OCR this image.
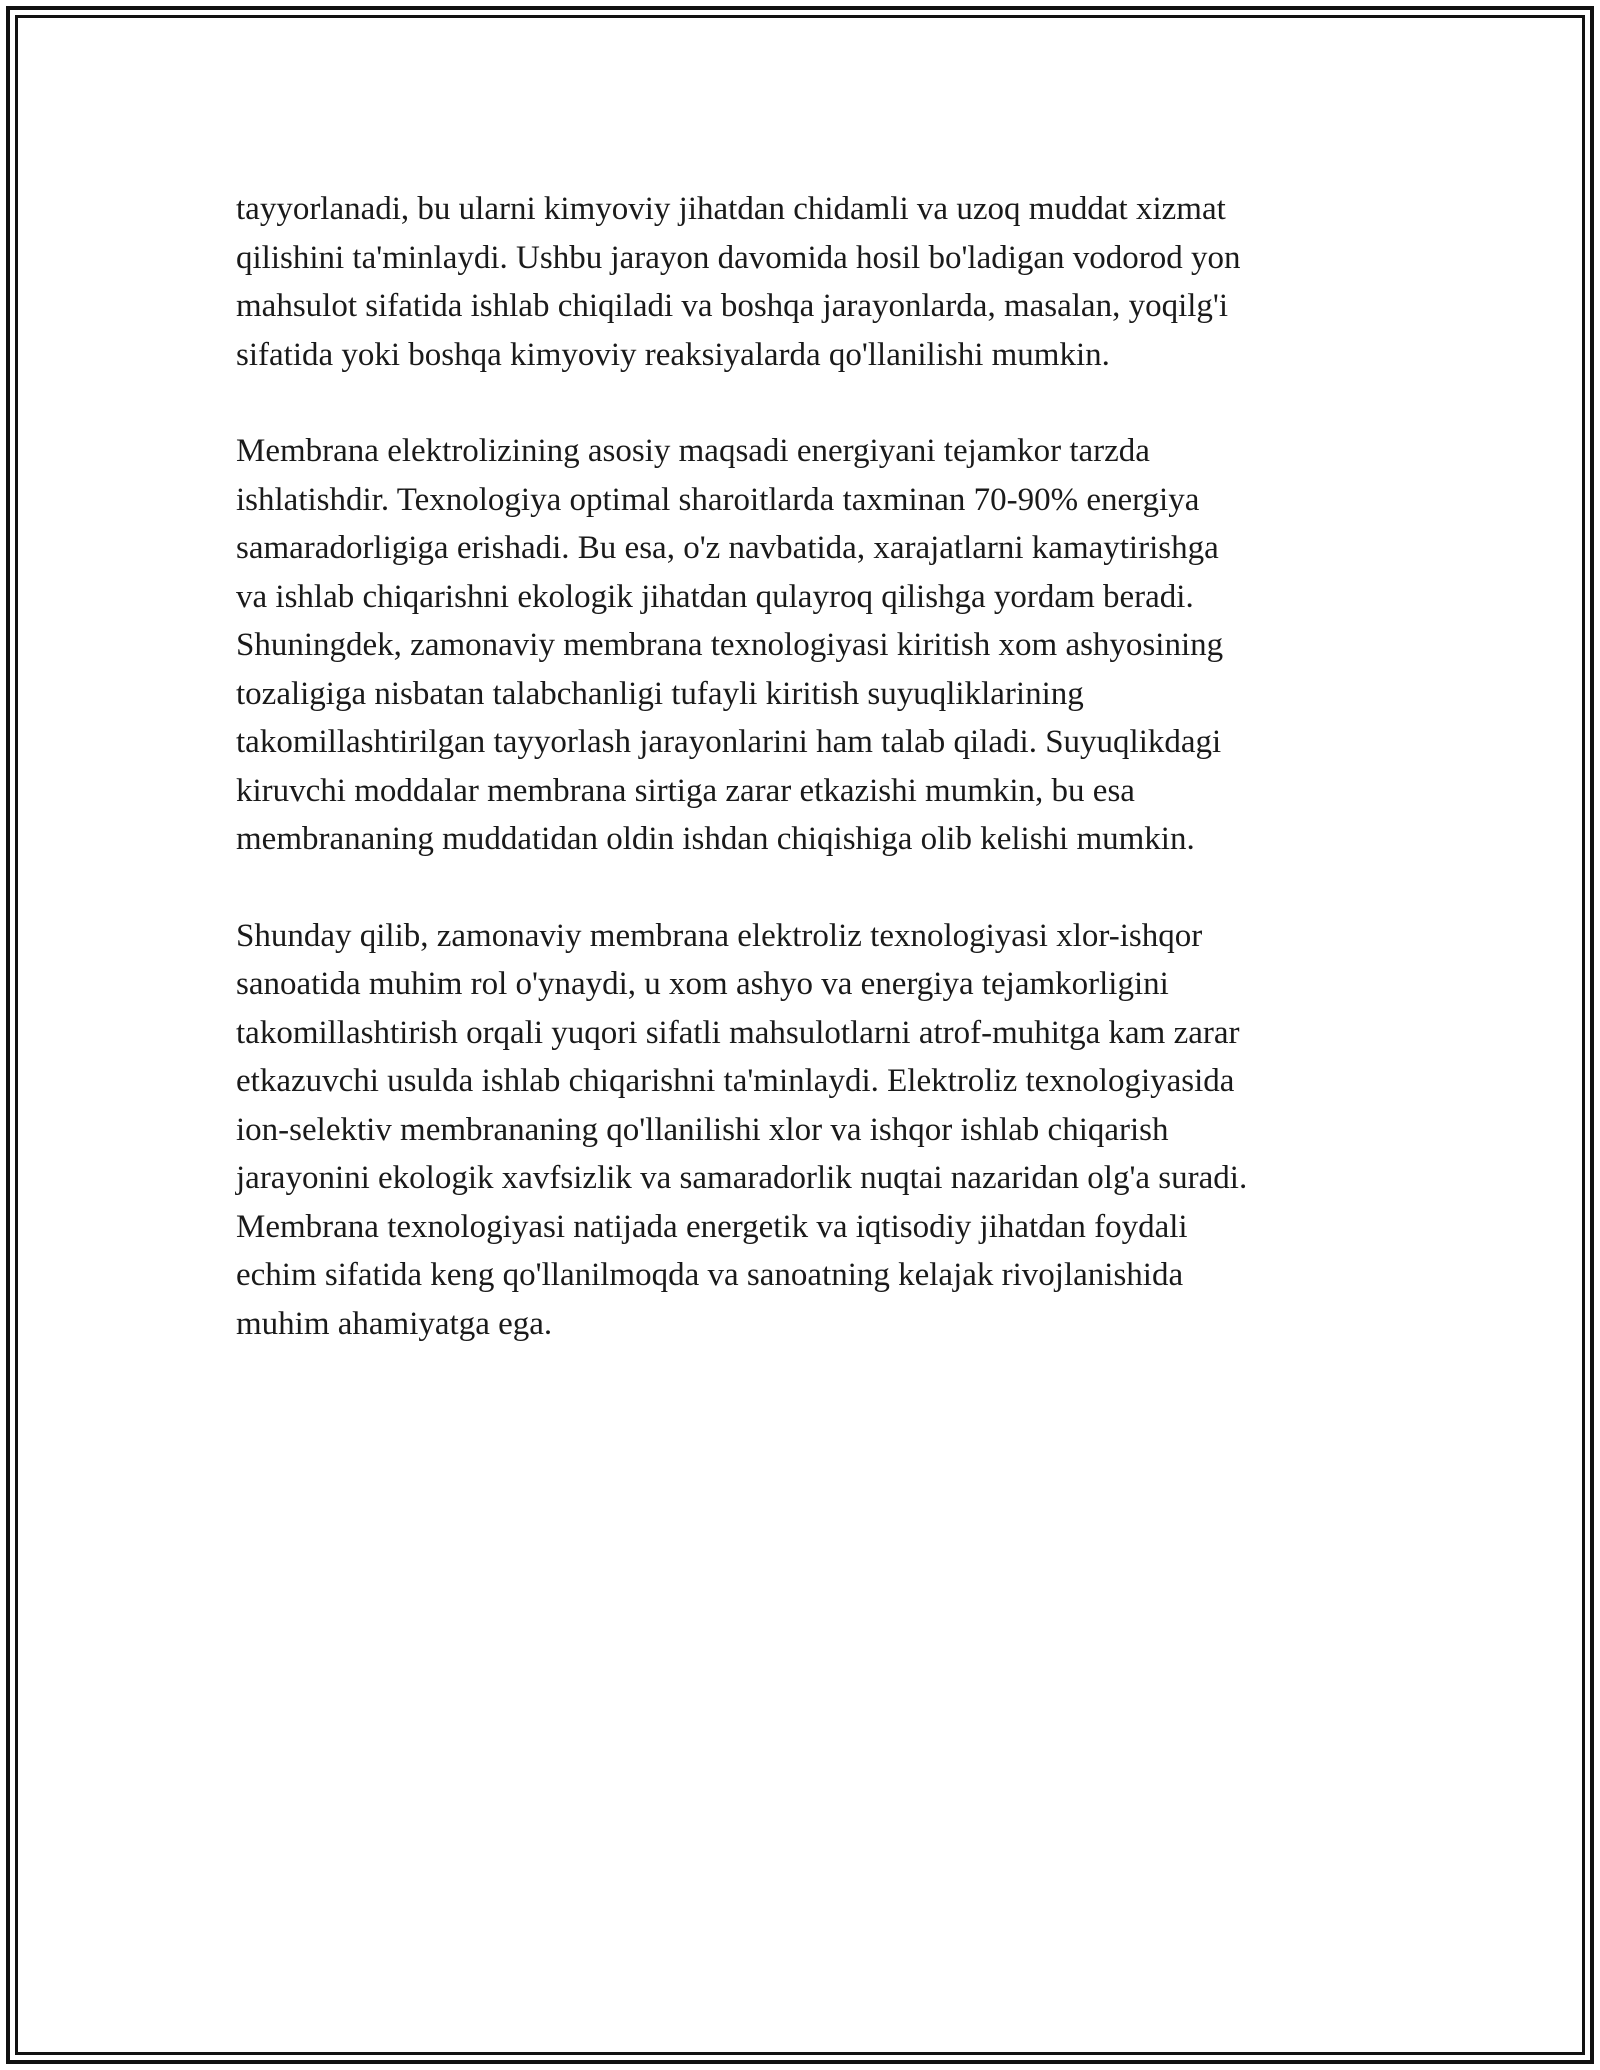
tayyorlanadi, bu ularni kimyoviy jihatdan chidamli va uzoq muddat xizmat
qilishini ta'minlaydi. Ushbu jarayon davomida hosil bo'ladigan vodorod yon
mahsulot sifatida ishlab chiqiladi va boshqa jarayonlarda, masalan, yoqilg'i
sifatida yoki boshqa kimyoviy reaksiyalarda qo'llanilishi mumkin.

Membrana elektrolizining asosiy maqsadi energiyani tejamkor tarzda
ishlatishdir. Texnologiya optimal sharoitlarda taxminan 70-90% energiya
samaradorligiga erishadi. Bu esa, o'z navbatida, xarajatlarni kamaytirishga
va ishlab chiqarishni ekologik jihatdan qulayroq qilishga yordam beradi.
Shuningdek, zamonaviy membrana texnologiyasi kiritish xom ashyosining
tozaligiga nisbatan talabchanligi tufayli kiritish suyuqliklarining
takomillashtirilgan tayyorlash jarayonlarini ham talab qiladi. Suyuqlikdagi
kiruvchi moddalar membrana sirtiga zarar etkazishi mumkin, bu esa
membrananing muddatidan oldin ishdan chiqishiga olib kelishi mumkin.

Shunday qilib, zamonaviy membrana elektroliz texnologiyasi xlor-ishqor
sanoatida muhim rol o'ynaydi, u xom ashyo va energiya tejamkorligini
takomillashtirish orqali yuqori sifatli mahsulotlarni atrof-muhitga kam zarar
etkazuvchi usulda ishlab chiqarishni ta'minlaydi. Elektroliz texnologiyasida
ion-selektiv membrananing qo'llanilishi xlor va ishqor ishlab chiqarish
jarayonini ekologik xavfsizlik va samaradorlik nuqtai nazaridan olg'a suradi.
Membrana texnologiyasi natijada energetik va iqtisodiy jihatdan foydali
echim sifatida keng qo'llanilmoqda va sanoatning kelajak rivojlanishida
muhim ahamiyatga ega.
